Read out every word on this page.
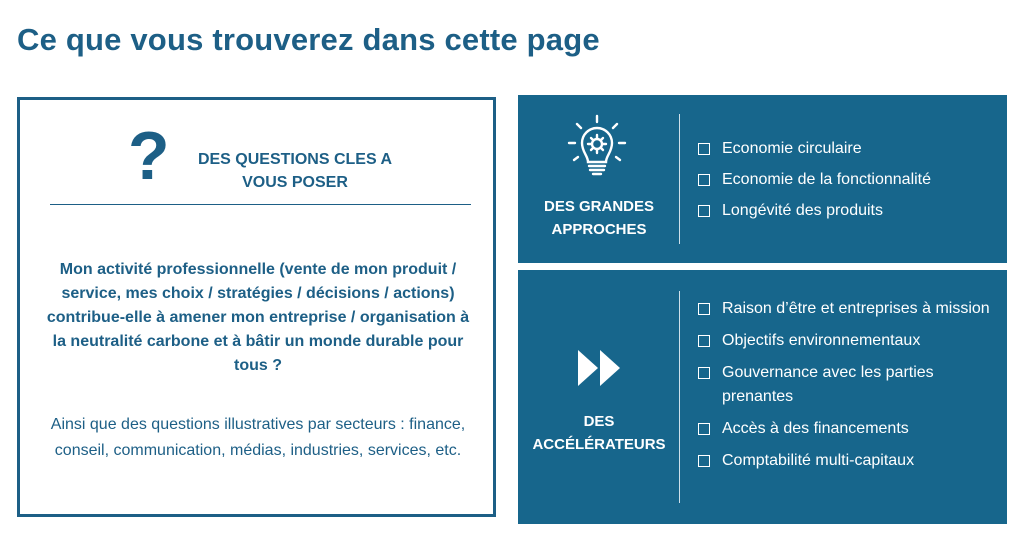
Ce que vous trouverez dans cette page
?	DES QUESTIONS CLES A
VOUS POSER
Mon activité professionnelle (vente de mon produit / service, mes choix / stratégies / décisions / actions) contribue-elle à amener mon entreprise / organisation à la neutralité carbone et à bâtir un monde durable pour tous ?
Ainsi que des questions illustratives par secteurs : finance, conseil, communication, médias, industries, services, etc.
DES GRANDES
APPROCHES
Economie circulaire
Economie de la fonctionnalité
Longévité des produits
DES
ACCÉLÉRATEURS
Raison d’être et entreprises à mission
Objectifs environnementaux
Gouvernance avec les parties prenantes
Accès à des financements
Comptabilité multi-capitaux
